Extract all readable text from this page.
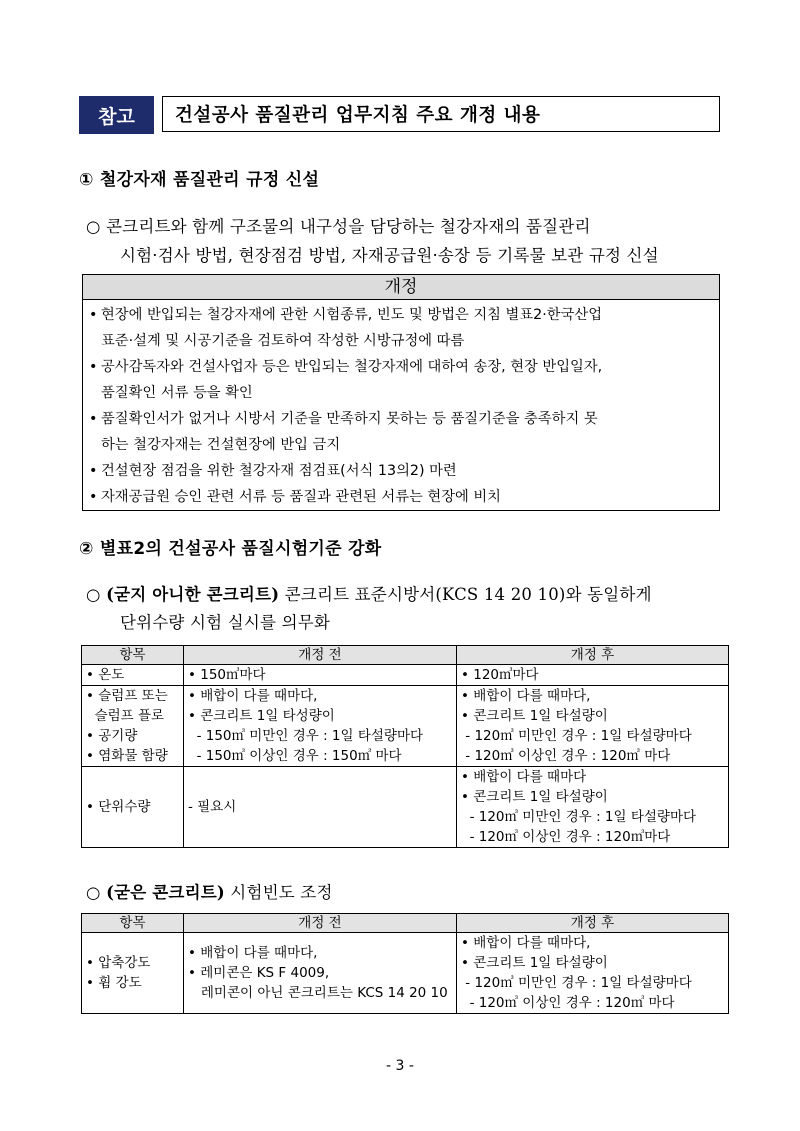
참고	건설공사 품질관리 업무지침 주요 개정 내용
① 철강자재 품질관리 규정 신설
○ 콘크리트와 함께 구조물의 내구성을 담당하는 철강자재의 품질관리
시험·검사 방법, 현장점검 방법, 자재공급원·송장 등 기록물 보관 규정 신설
개정
• 현장에 반입되는 철강자재에 관한 시험종류, 빈도 및 방법은 지침 별표2·한국산업
표준·설계 및 시공기준을 검토하여 작성한 시방규정에 따름
• 공사감독자와 건설사업자 등은 반입되는 철강자재에 대하여 송장, 현장 반입일자,
품질확인 서류 등을 확인
• 품질확인서가 없거나 시방서 기준을 만족하지 못하는 등 품질기준을 충족하지 못
하는 철강자재는 건설현장에 반입 금지
• 건설현장 점검을 위한 철강자재 점검표(서식 13의2) 마련
• 자재공급원 승인 관련 서류 등 품질과 관련된 서류는 현장에 비치
② 별표2의 건설공사 품질시험기준 강화
○ (굳지 아니한 콘크리트) 콘크리트 표준시방서(KCS 14 20 10)와 동일하게
단위수량 시험 실시를 의무화
항목	개정 전	개정 후

• 온도	• 150㎥마다	• 120㎥마다

• 슬럼프 또는
슬럼프 플로
• 공기량
• 염화물 함량	• 배합이 다를 때마다,
• 콘크리트 1일 타성량이
- 150㎥ 미만인 경우 : 1일 타설량마다
- 150㎥ 이상인 경우 : 150㎥ 마다	• 배합이 다를 때마다,
• 콘크리트 1일 타설량이
- 120㎥ 미만인 경우 : 1일 타설량마다
- 120㎥ 이상인 경우 : 120㎥ 마다

• 단위수량	- 필요시	• 배합이 다를 때마다
• 콘크리트 1일 타설량이
- 120㎥ 미만인 경우 : 1일 타설량마다
- 120㎥ 이상인 경우 : 120㎥마다
○ (굳은 콘크리트) 시험빈도 조정
항목	개정 전	개정 후

• 압축강도
• 휨 강도	• 배합이 다를 때마다,
• 레미콘은 KS F 4009,
레미콘이 아닌 콘크리트는 KCS 14 20 10	• 배합이 다를 때마다,
• 콘크리트 1일 타설량이
- 120㎥ 미만인 경우 : 1일 타설량마다
- 120㎥ 이상인 경우 : 120㎥ 마다
- 3 -
